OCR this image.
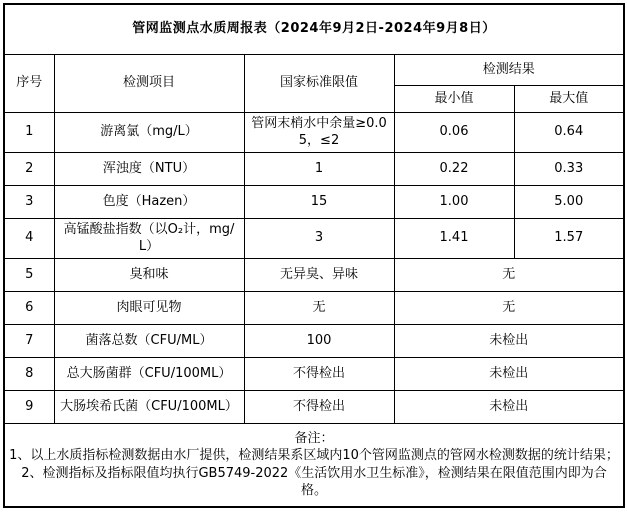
管网监测点水质周报表（2024年9月2日-2024年9月8日）				
序号	检测项目	国家标准限值	检测结果	
			最小值	最大值
1	游离氯（mg/L）	管网末梢水中余量≥0.05，≤2	0.06	0.64
2	浑浊度（NTU）	1	0.22	0.33
3	色度（Hazen）	15	1.00	5.00
4	高锰酸盐指数（以O₂计，mg/L）	3	1.41	1.57
5	臭和味	无异臭、异味	无	
6	肉眼可见物	无	无	
7	菌落总数（CFU/ML）	100	未检出	
8	总大肠菌群（CFU/100ML）	不得检出	未检出	
9	大肠埃希氏菌（CFU/100ML）	不得检出	未检出	

备注：
1、以上水质指标检测数据由水厂提供，检测结果系区域内10个管网监测点的管网水检测数据的统计结果；
2、检测指标及指标限值均执行GB5749-2022《生活饮用水卫生标准》，检测结果在限值范围内即为合格。				
